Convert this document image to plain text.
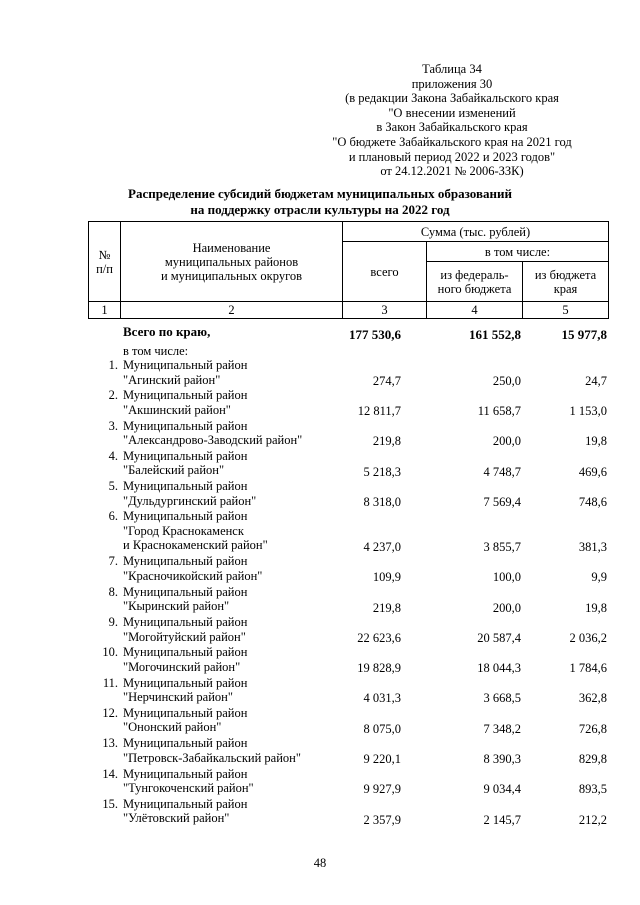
Таблица 34
приложения 30
(в редакции Закона Забайкальского края
"О внесении изменений
в Закон Забайкальского края
"О бюджете Забайкальского края на 2021 год
и плановый период 2022 и 2023 годов"
от 24.12.2021 № 2006-ЗЗК)
Распределение субсидий бюджетам муниципальных образований
на поддержку отрасли культуры на 2022 год
№
п/п	Наименование
муниципальных районов
и муниципальных округов	Сумма (тыс. рублей)		
		всего	в том числе:	
			из федераль-
ного бюджета	из бюджета
края
1	2	3	4	5
Всего по краю,	177 530,6	161 552,8	15 977,8
в том числе:
1. Муниципальный район
"Агинский район"	274,7	250,0	24,7
2. Муниципальный район
"Акшинский район"	12 811,7	11 658,7	1 153,0
3. Муниципальный район
"Александрово-Заводский район"	219,8	200,0	19,8
4. Муниципальный район
"Балейский район"	5 218,3	4 748,7	469,6
5. Муниципальный район
"Дульдургинский район"	8 318,0	7 569,4	748,6
6. Муниципальный район
"Город Краснокаменск
и Краснокаменский район"	4 237,0	3 855,7	381,3
7. Муниципальный район
"Красночикойский район"	109,9	100,0	9,9
8. Муниципальный район
"Кыринский район"	219,8	200,0	19,8
9. Муниципальный район
"Могойтуйский район"	22 623,6	20 587,4	2 036,2
10. Муниципальный район
"Могочинский район"	19 828,9	18 044,3	1 784,6
11. Муниципальный район
"Нерчинский район"	4 031,3	3 668,5	362,8
12. Муниципальный район
"Ононский район"	8 075,0	7 348,2	726,8
13. Муниципальный район
"Петровск-Забайкальский район"	9 220,1	8 390,3	829,8
14. Муниципальный район
"Тунгокоченский район"	9 927,9	9 034,4	893,5
15. Муниципальный район
"Улётовский район"	2 357,9	2 145,7	212,2
48
